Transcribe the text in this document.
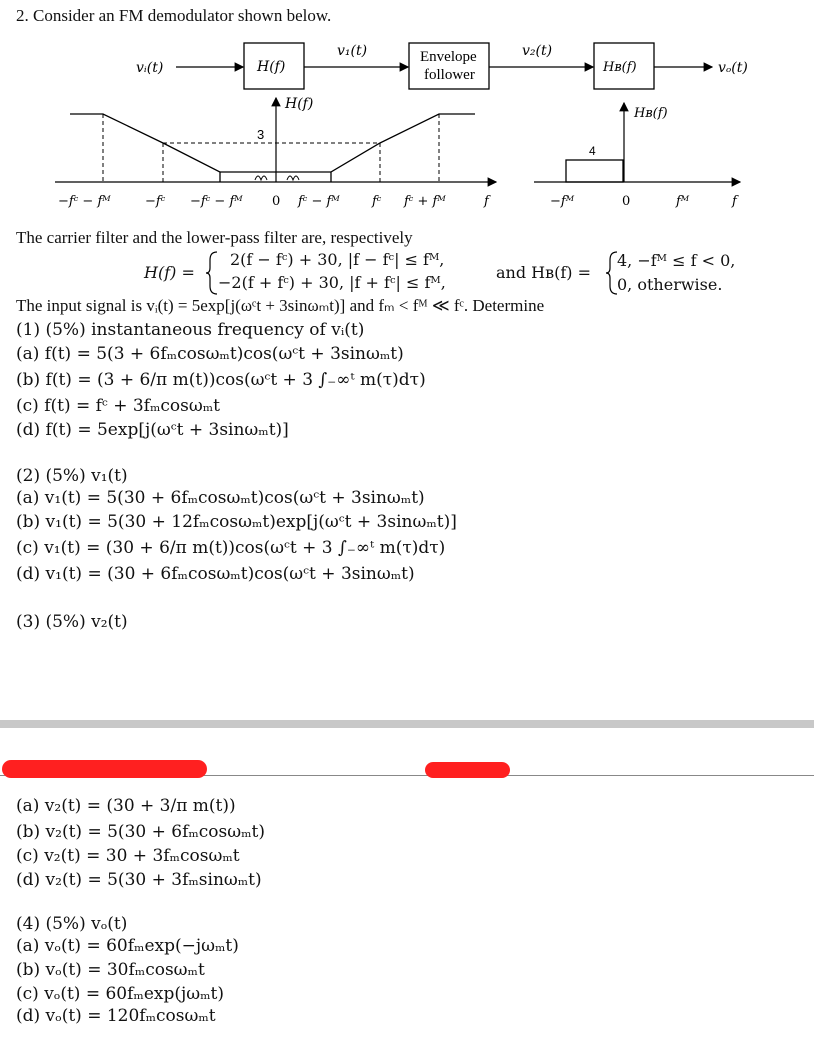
2. Consider an FM demodulator shown below.
vᵢ(t)	H(f)
v₁(t)	Envelope
follower
v₂(t)
Hʙ(f)	vₒ(t)
H(f)
3
−fᶜ − fᴹ	−fᶜ −fᶜ − fᴹ 0 fᶜ − fᴹ fᶜ fᶜ + fᴹ	f
Hʙ(f)
4
−fᴹ	0	fᴹ	f
The carrier filter and the lower-pass filter are, respectively
H(f) =
2(f − fᶜ) + 30, |f − fᶜ| ≤ fᴹ,
−2(f + fᶜ) + 30, |f + fᶜ| ≤ fᴹ,
and Hʙ(f) =
4, −fᴹ ≤ f < 0,
0, otherwise.
The input signal is vᵢ(t) = 5exp[j(ωᶜt + 3sinωₘt)] and fₘ < fᴹ ≪ fᶜ. Determine
(1) (5%) instantaneous frequency of vᵢ(t)
(a) f(t) = 5(3 + 6fₘcosωₘt)cos(ωᶜt + 3sinωₘt)
(b) f(t) = (3 + 6/π m(t))cos(ωᶜt + 3 ∫₋∞ᵗ m(τ)dτ)
(c) f(t) = fᶜ + 3fₘcosωₘt
(d) f(t) = 5exp[j(ωᶜt + 3sinωₘt)]
(2) (5%) v₁(t)
(a) v₁(t) = 5(30 + 6fₘcosωₘt)cos(ωᶜt + 3sinωₘt)
(b) v₁(t) = 5(30 + 12fₘcosωₘt)exp[j(ωᶜt + 3sinωₘt)]
(c) v₁(t) = (30 + 6/π m(t))cos(ωᶜt + 3 ∫₋∞ᵗ m(τ)dτ)
(d) v₁(t) = (30 + 6fₘcosωₘt)cos(ωᶜt + 3sinωₘt)
(3) (5%) v₂(t)
(a) v₂(t) = (30 + 3/π m(t))
(b) v₂(t) = 5(30 + 6fₘcosωₘt)
(c) v₂(t) = 30 + 3fₘcosωₘt
(d) v₂(t) = 5(30 + 3fₘsinωₘt)
(4) (5%) vₒ(t)
(a) vₒ(t) = 60fₘexp(−jωₘt)
(b) vₒ(t) = 30fₘcosωₘt
(c) vₒ(t) = 60fₘexp(jωₘt)
(d) vₒ(t) = 120fₘcosωₘt
